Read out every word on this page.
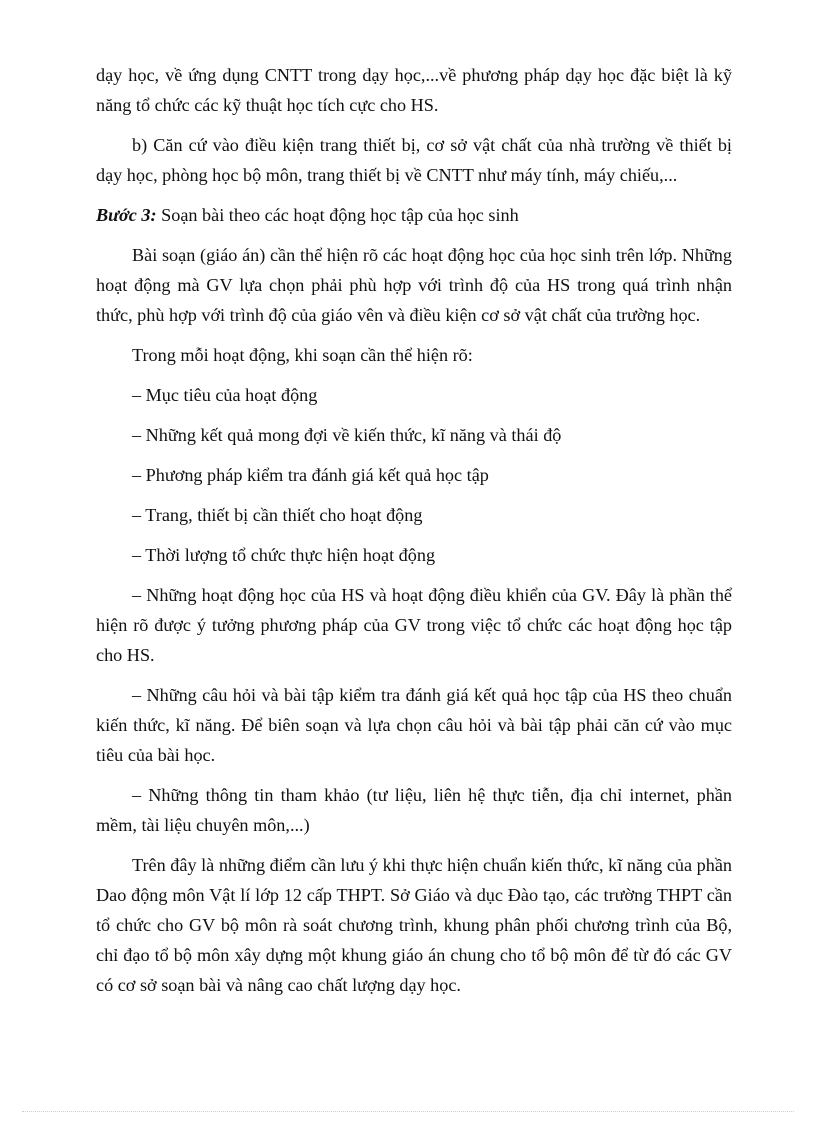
dạy học, về ứng dụng CNTT trong dạy học,...về phương pháp dạy học đặc biệt là kỹ năng tổ chức các kỹ thuật học tích cực cho HS.

b) Căn cứ vào điều kiện trang thiết bị, cơ sở vật chất của nhà trường về thiết bị dạy học, phòng học bộ môn, trang thiết bị về CNTT như máy tính, máy chiếu,...

Bước 3: Soạn bài theo các hoạt động học tập của học sinh

Bài soạn (giáo án) cần thể hiện rõ các hoạt động học của học sinh trên lớp. Những hoạt động mà GV lựa chọn phải phù hợp với trình độ của HS trong quá trình nhận thức, phù hợp với trình độ của giáo vên và điều kiện cơ sở vật chất của trường học.

Trong mỗi hoạt động, khi soạn cần thể hiện rõ:

– Mục tiêu của hoạt động

– Những kết quả mong đợi về kiến thức, kĩ năng và thái độ

– Phương pháp kiểm tra đánh giá kết quả học tập

– Trang, thiết bị cần thiết cho hoạt động

– Thời lượng tổ chức thực hiện hoạt động

– Những hoạt động học của HS và hoạt động điều khiển của GV. Đây là phần thể hiện rõ được ý tưởng phương pháp của GV trong việc tổ chức các hoạt động học tập cho HS.

– Những câu hỏi và bài tập kiểm tra đánh giá kết quả học tập của HS theo chuẩn kiến thức, kĩ năng. Để biên soạn và lựa chọn câu hỏi và bài tập phải căn cứ vào mục tiêu của bài học.

– Những thông tin tham khảo (tư liệu, liên hệ thực tiễn, địa chỉ internet, phần mềm, tài liệu chuyên môn,...)

Trên đây là những điểm cần lưu ý khi thực hiện chuẩn kiến thức, kĩ năng của phần Dao động môn Vật lí lớp 12 cấp THPT. Sở Giáo và dục Đào tạo, các trường THPT cần tổ chức cho GV bộ môn rà soát chương trình, khung phân phối chương trình của Bộ, chỉ đạo tổ bộ môn xây dựng một khung giáo án chung cho tổ bộ môn để từ đó các GV có cơ sở soạn bài và nâng cao chất lượng dạy học.
